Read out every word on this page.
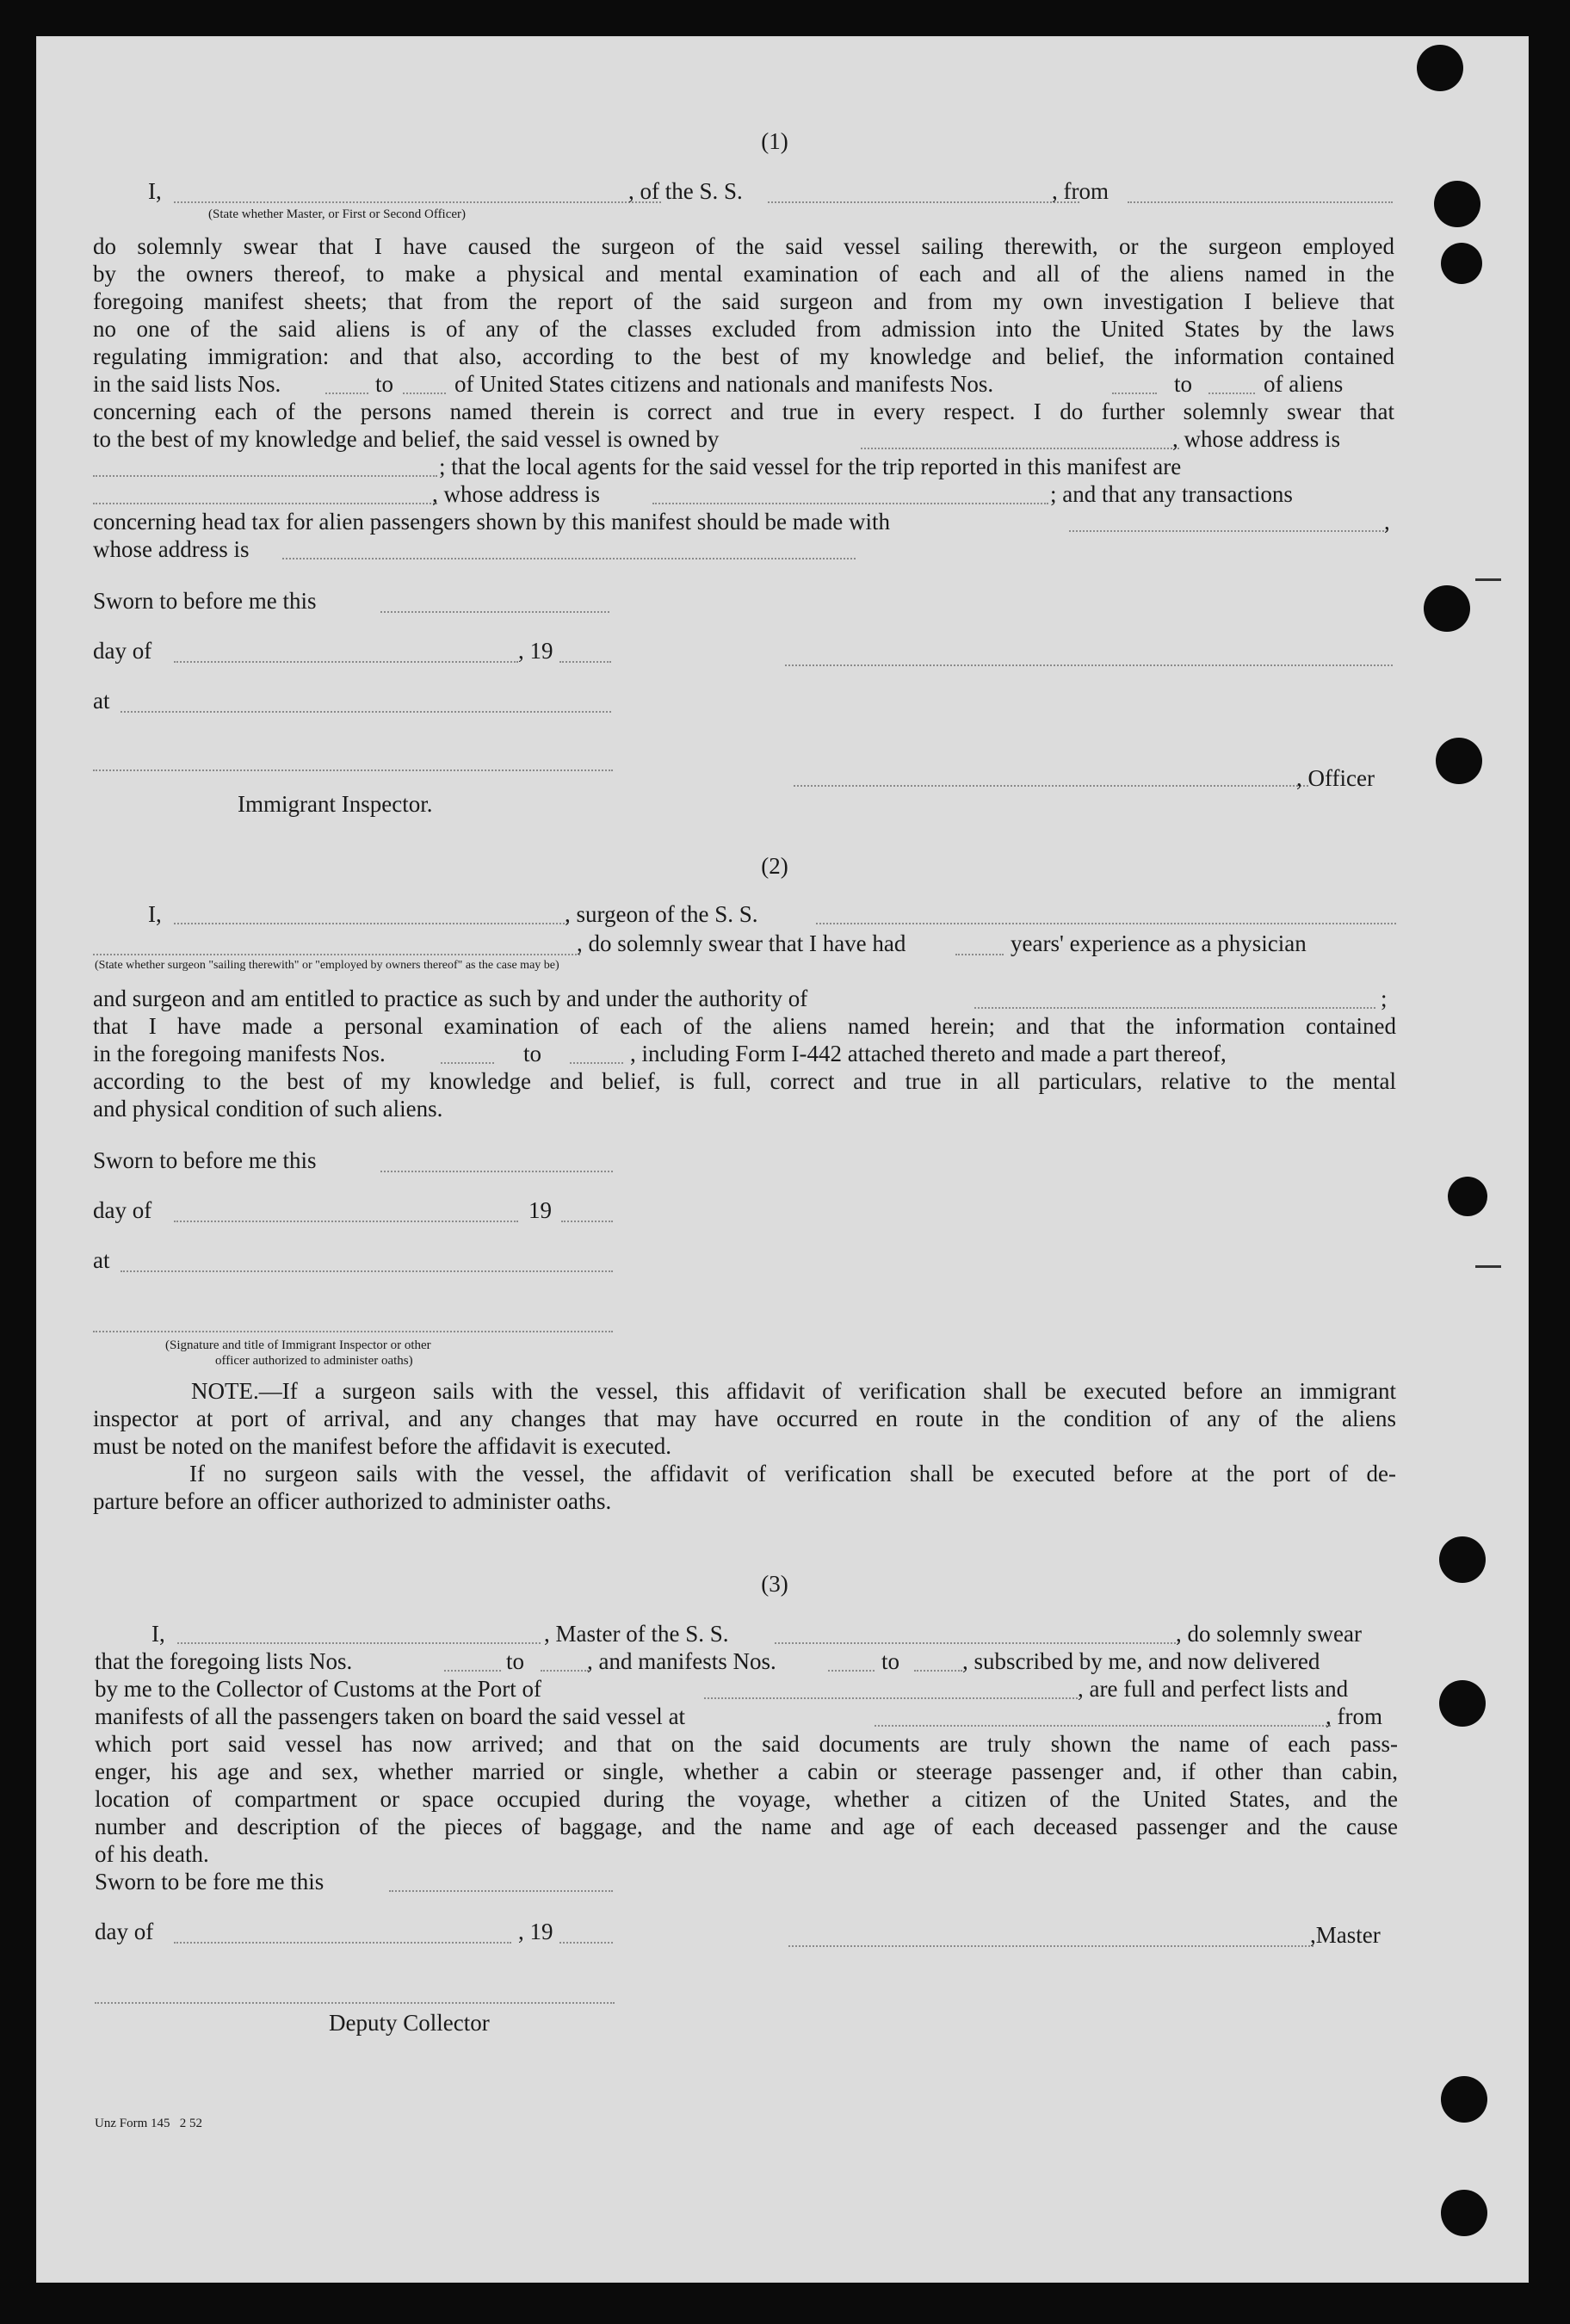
(1)
I,	, of the S. S.	, from
(State whether Master, or First or Second Officer)
do solemnly swear that I have caused the surgeon of the said vessel sailing therewith, or the surgeon employed
by the owners thereof, to make a physical and mental examination of each and all of the aliens named in the
foregoing manifest sheets; that from the report of the said surgeon and from my own investigation I believe that
no one of the said aliens is of any of the classes excluded from admission into the United States by the laws
regulating immigration: and that also, according to the best of my knowledge and belief, the information contained
in the said lists Nos.	to	of United States citizens and nationals and manifests Nos.	to	of aliens
concerning each of the persons named therein is correct and true in every respect. I do further solemnly swear that
to the best of my knowledge and belief, the said vessel is owned by	, whose address is
; that the local agents for the said vessel for the trip reported in this manifest are
, whose address is	; and that any transactions
concerning head tax for alien passengers shown by this manifest should be made with	,
whose address is
Sworn to before me this
day of	, 19
at
, Officer
Immigrant Inspector.
(2)
I,	, surgeon of the S. S.
, do solemnly swear that I have had	years' experience as a physician
(State whether surgeon "sailing therewith" or "employed by owners thereof" as the case may be)
and surgeon and am entitled to practice as such by and under the authority of	;
that I have made a personal examination of each of the aliens named herein; and that the information contained
in the foregoing manifests Nos.	to	, including Form I-442 attached thereto and made a part thereof,
according to the best of my knowledge and belief, is full, correct and true in all particulars, relative to the mental
and physical condition of such aliens.
Sworn to before me this
day of	19
at
(Signature and title of Immigrant Inspector or other
officer authorized to administer oaths)
NOTE.—If a surgeon sails with the vessel, this affidavit of verification shall be executed before an immigrant
inspector at port of arrival, and any changes that may have occurred en route in the condition of any of the aliens
must be noted on the manifest before the affidavit is executed.
If no surgeon sails with the vessel, the affidavit of verification shall be executed before at the port of de-
parture before an officer authorized to administer oaths.
(3)
I,	, Master of the S. S.	, do solemnly swear
that the foregoing lists Nos.	to	, and manifests Nos.	to	, subscribed by me, and now delivered
by me to the Collector of Customs at the Port of	, are full and perfect lists and
manifests of all the passengers taken on board the said vessel at	, from
which port said vessel has now arrived; and that on the said documents are truly shown the name of each pass-
enger, his age and sex, whether married or single, whether a cabin or steerage passenger and, if other than cabin,
location of compartment or space occupied during the voyage, whether a citizen of the United States, and the
number and description of the pieces of baggage, and the name and age of each deceased passenger and the cause
of his death.
Sworn to be fore me this
day of	, 19	,Master
Deputy Collector
Unz Form 145   2 52
